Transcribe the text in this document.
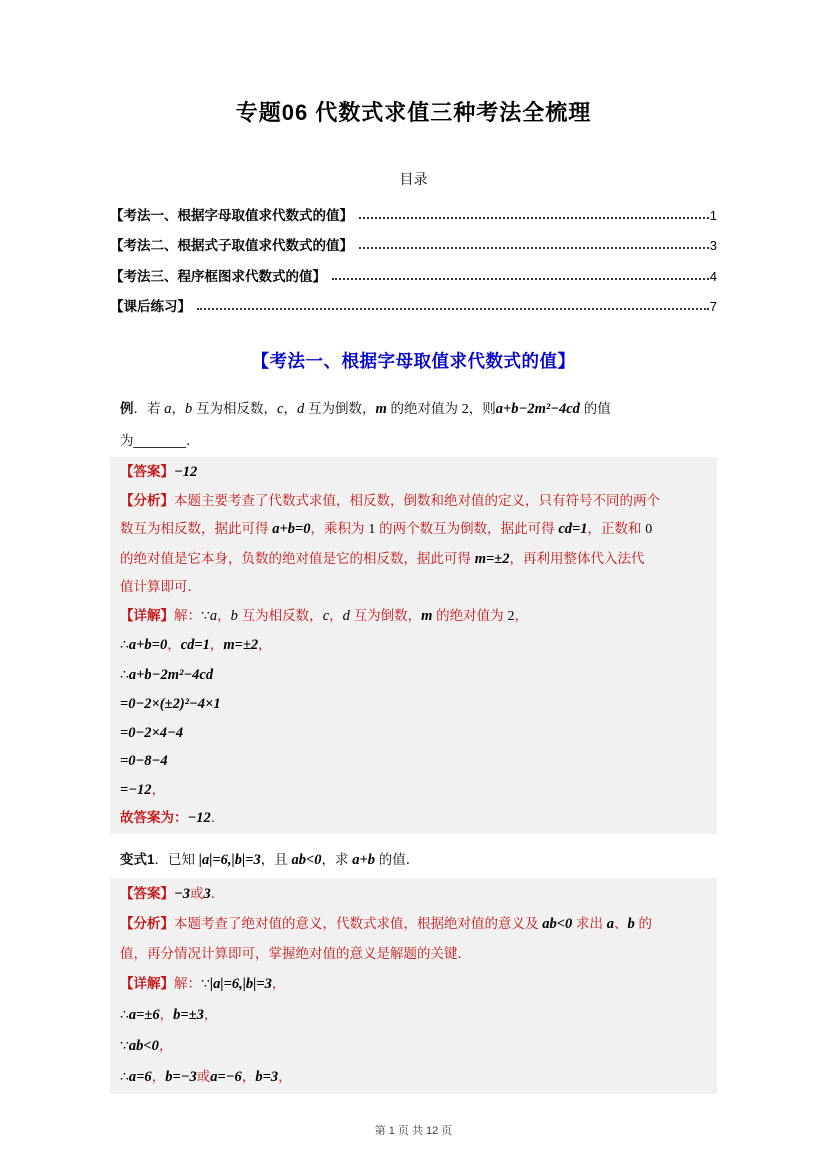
专题06 代数式求值三种考法全梳理
目录
【考法一、根据字母取值求代数式的值】	1
【考法二、根据式子取值求代数式的值】	3
【考法三、程序框图求代数式的值】	4
【课后练习】	7
【考法一、根据字母取值求代数式的值】
例．若 a，b 互为相反数，c，d 互为倒数，m 的绝对值为 2，则a+b−2m²−4cd 的值
为_______．
【答案】−12
【分析】本题主要考查了代数式求值，相反数，倒数和绝对值的定义，只有符号不同的两个
数互为相反数，据此可得 a+b=0，乘积为 1 的两个数互为倒数，据此可得 cd=1，正数和 0
的绝对值是它本身，负数的绝对值是它的相反数，据此可得 m=±2，再利用整体代入法代
值计算即可．
【详解】解：∵a，b 互为相反数，c，d 互为倒数，m 的绝对值为 2，
∴a+b=0，cd=1，m=±2，
∴a+b−2m²−4cd
=0−2×(±2)²−4×1
=0−2×4−4
=0−8−4
=−12，
故答案为：−12．
变式1．已知 |a|=6,|b|=3，且 ab<0，求 a+b 的值．
【答案】−3或3．
【分析】本题考查了绝对值的意义，代数式求值，根据绝对值的意义及 ab<0 求出 a、b 的
值，再分情况计算即可，掌握绝对值的意义是解题的关键．
【详解】解：∵|a|=6,|b|=3，
∴a=±6，b=±3，
∵ab<0，
∴a=6，b=−3或a=−6，b=3，
第 1 页 共 12 页
